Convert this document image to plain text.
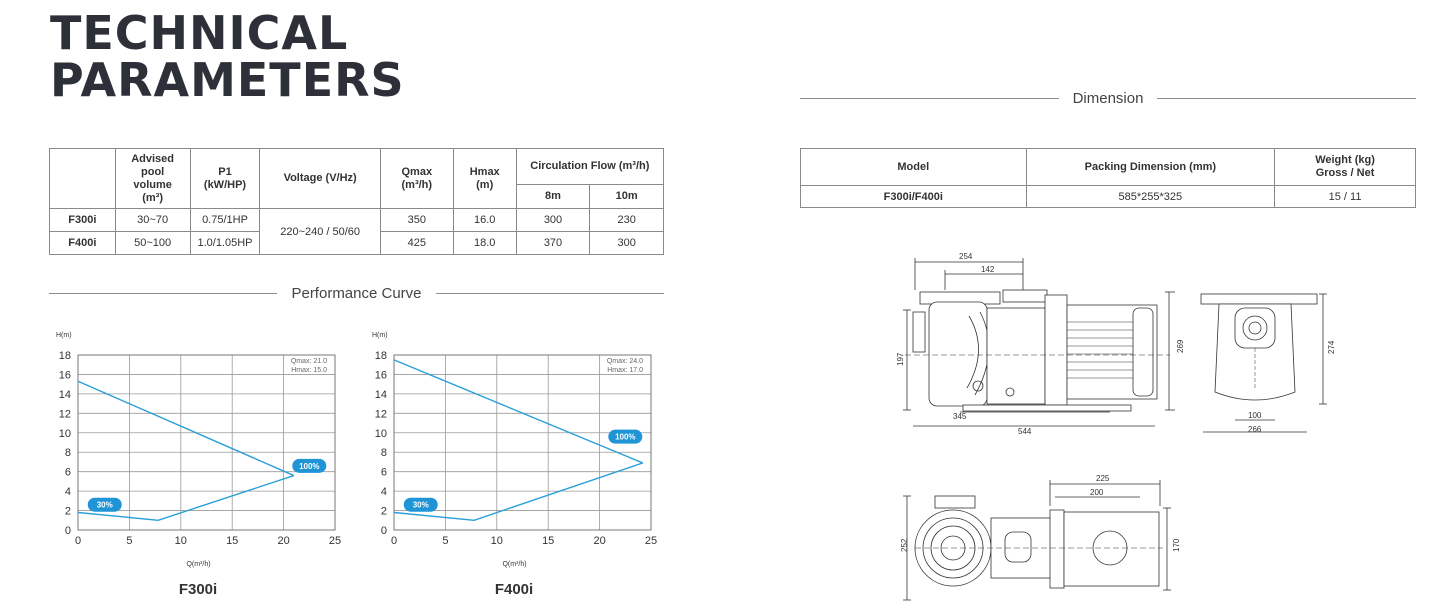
TECHNICAL
PARAMETERS
	Advised pool volume (m³)	P1 (kW/HP)	Voltage (V/Hz)	Qmax (m³/h)	Hmax (m)	Circulation Flow (m³/h)	
						8m	10m
F300i	30~70	0.75/1HP	220~240 / 50/60	350	16.0	300	230
F400i	50~100	1.0/1.05HP		425	18.0	370	300
Performance Curve
Dimension
Model	Packing Dimension (mm)	Weight (kg) Gross / Net
F300i/F400i	585*255*325	15 / 11
0	5	10	15	20	25
0
2
4
6
8
10
12
14
16
18
H(m)
Q(m³/h)
Qmax: 21.0
Hmax: 15.0
100%
30%
F300i
0	5	10	15	20	25
0
2
4
6
8
10
12
14
16
18
H(m)
Q(m³/h)
Qmax: 24.0
Hmax: 17.0
100%
30%
F400i
254
142
197
269
345
544
274
100
266
225
200
252	170
